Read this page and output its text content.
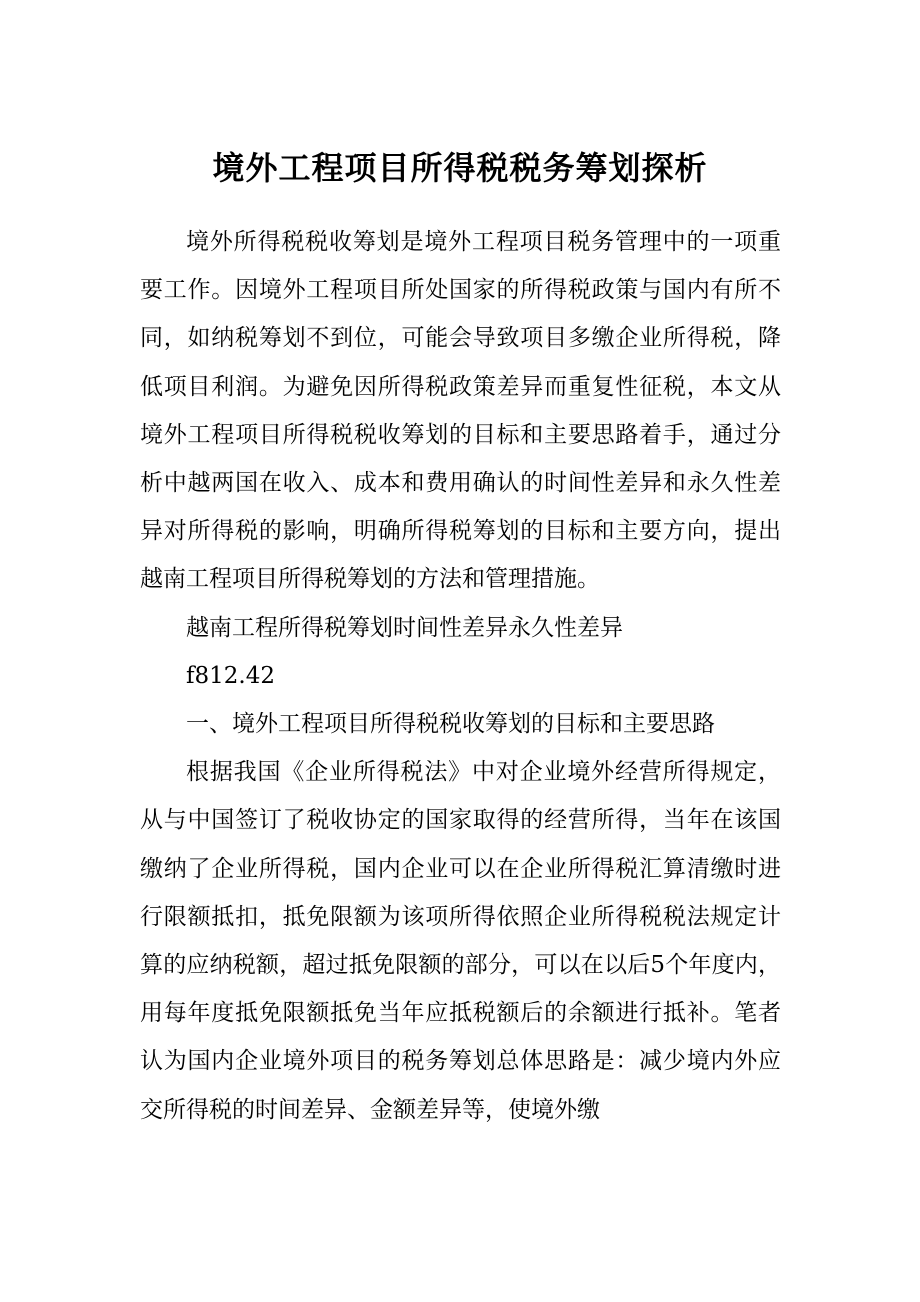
境外工程项目所得税税务筹划探析

境外所得税税收筹划是境外工程项目税务管理中的一项重要工作。因境外工程项目所处国家的所得税政策与国内有所不同，如纳税筹划不到位，可能会导致项目多缴企业所得税，降低项目利润。为避免因所得税政策差异而重复性征税，本文从境外工程项目所得税税收筹划的目标和主要思路着手，通过分析中越两国在收入、成本和费用确认的时间性差异和永久性差异对所得税的影响，明确所得税筹划的目标和主要方向，提出越南工程项目所得税筹划的方法和管理措施。

越南工程所得税筹划时间性差异永久性差异

f812.42

一、境外工程项目所得税税收筹划的目标和主要思路

根据我国《企业所得税法》中对企业境外经营所得规定，从与中国签订了税收协定的国家取得的经营所得，当年在该国缴纳了企业所得税，国内企业可以在企业所得税汇算清缴时进行限额抵扣，抵免限额为该项所得依照企业所得税税法规定计算的应纳税额，超过抵免限额的部分，可以在以后5个年度内，用每年度抵免限额抵免当年应抵税额后的余额进行抵补。笔者认为国内企业境外项目的税务筹划总体思路是：减少境内外应交所得税的时间差异、金额差异等，使境外缴
